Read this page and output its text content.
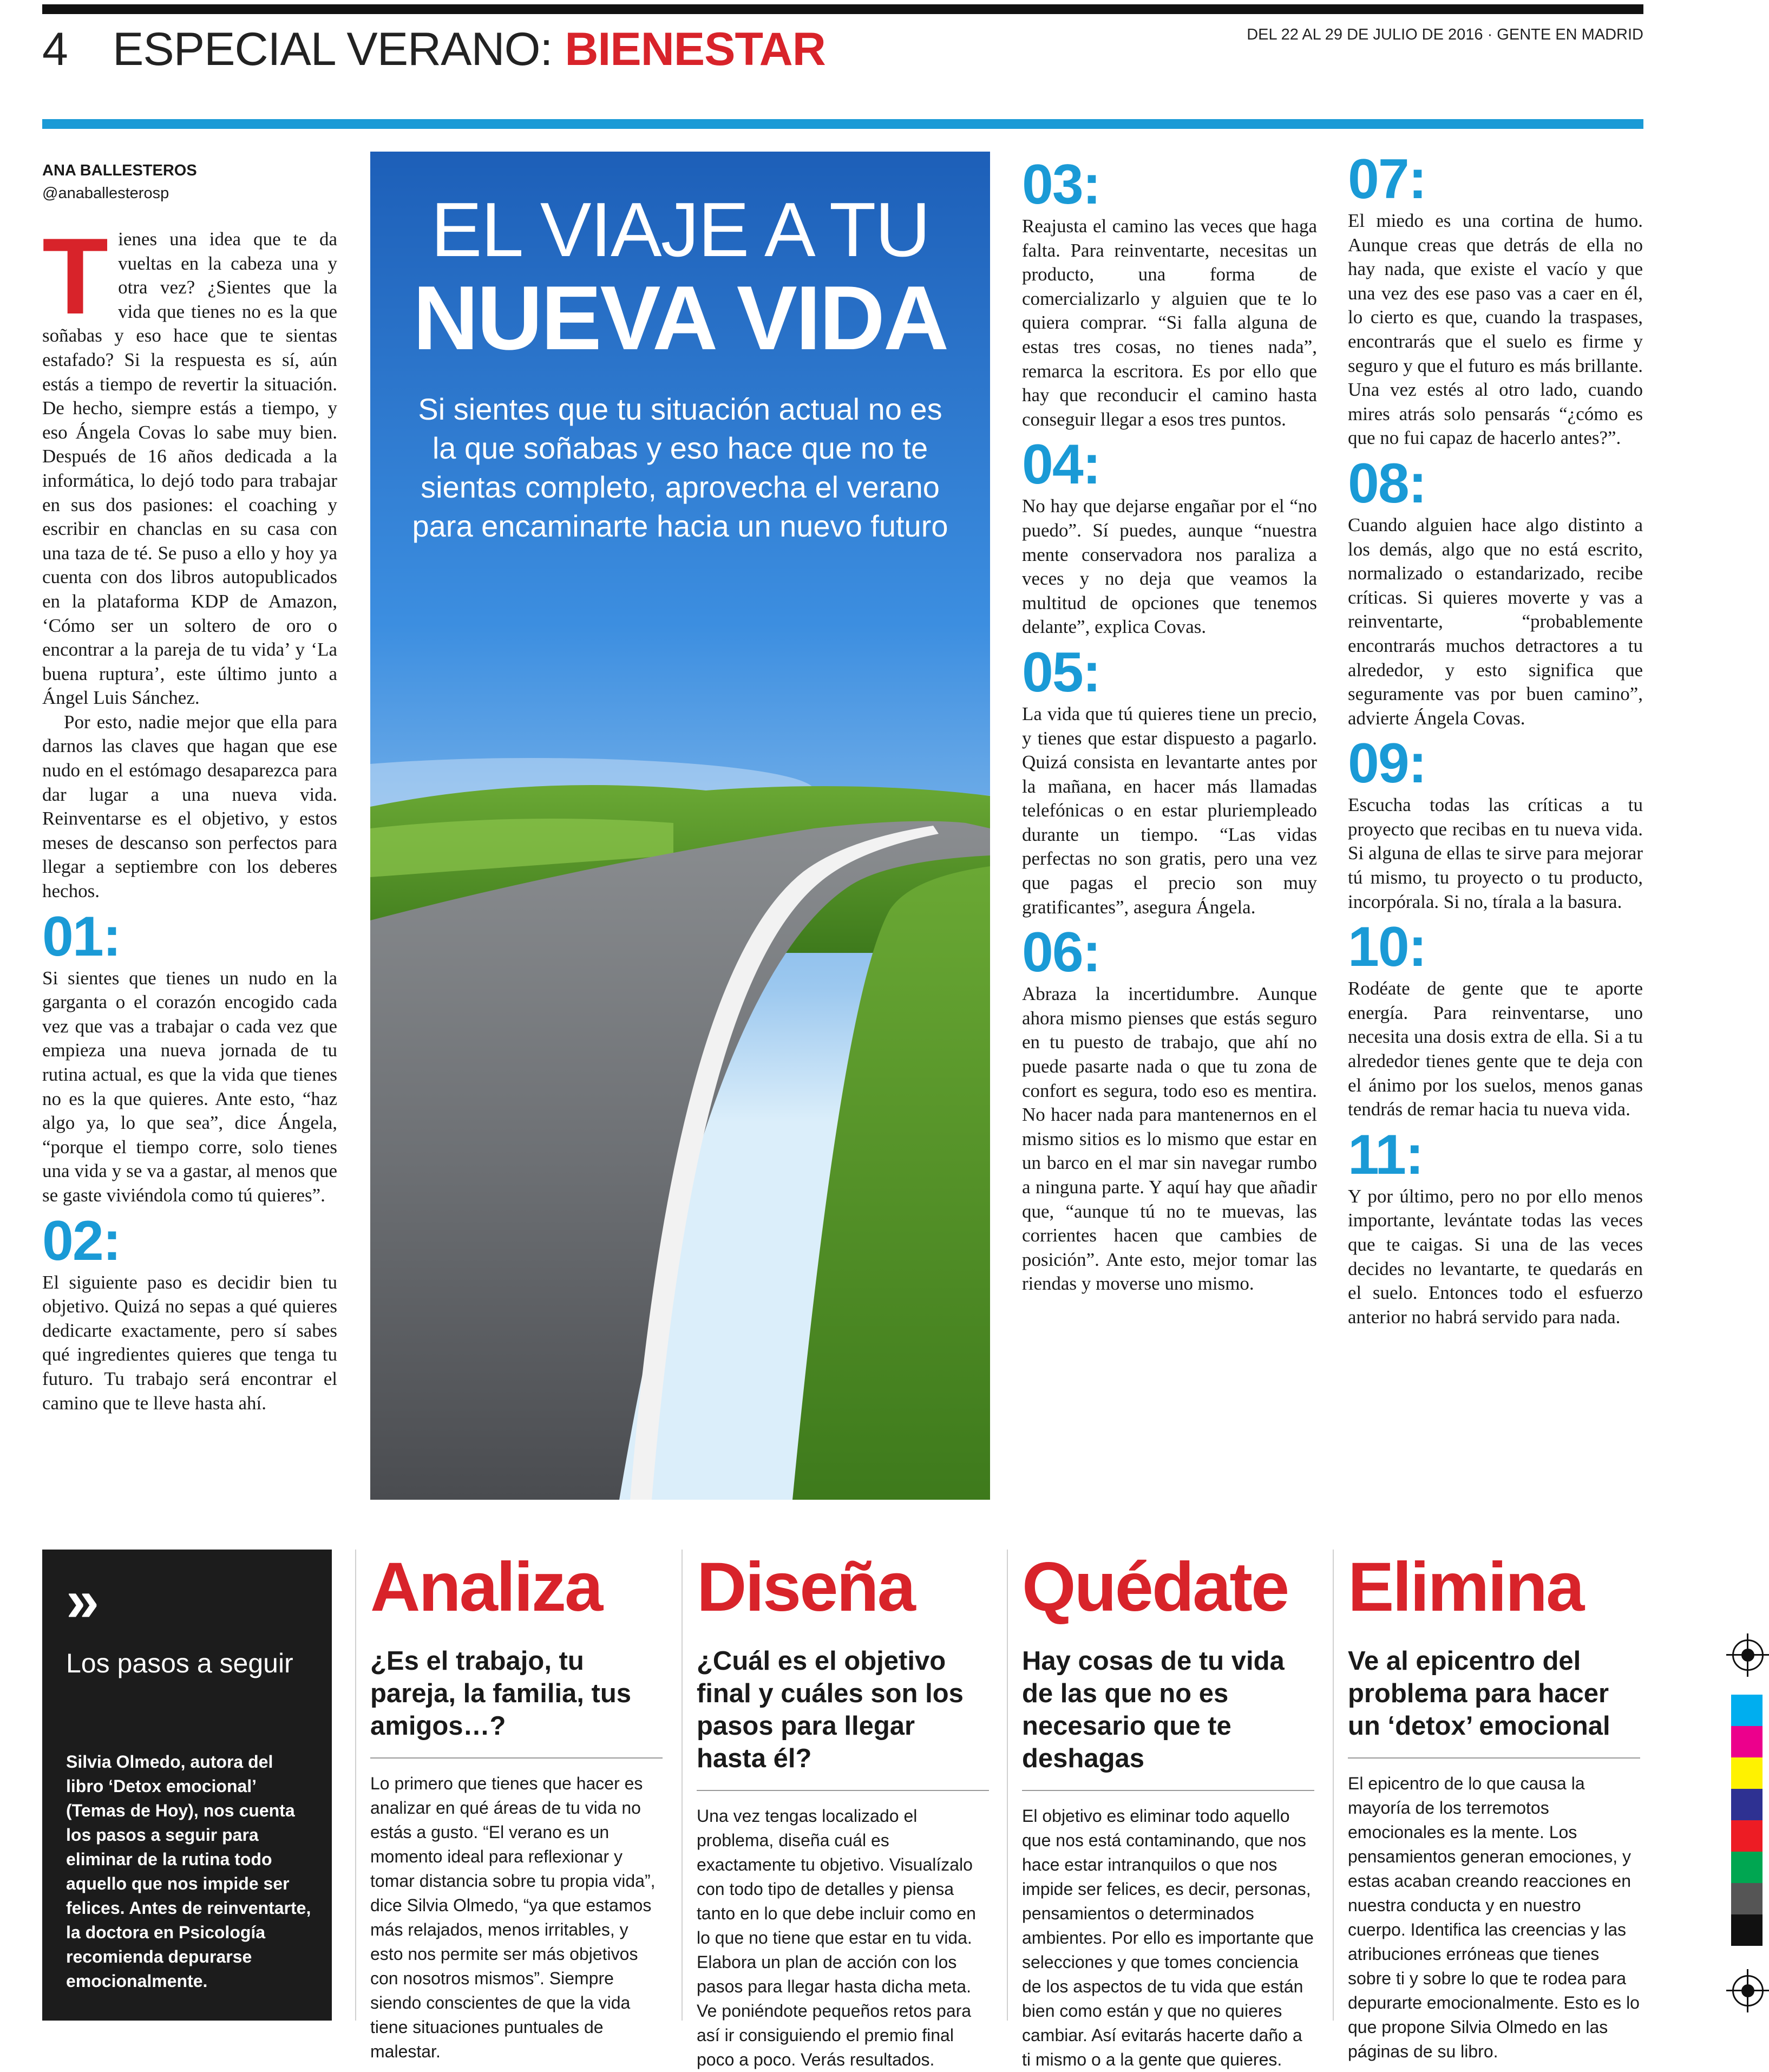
4 ESPECIAL VERANO: BIENESTAR	DEL 22 AL 29 DE JULIO DE 2016 · GENTE EN MADRID
ANA BALLESTEROS
@anaballesterosp

Tienes una idea que te da vueltas en la cabeza una y otra vez? ¿Sientes que la vida que tienes no es la que soñabas y eso hace que te sientas estafado? Si la respuesta es sí, aún estás a tiempo de revertir la situación. De hecho, siempre estás a tiempo, y eso Ángela Covas lo sabe muy bien. Después de 16 años dedicada a la informática, lo dejó todo para trabajar en sus dos pasiones: el coaching y escribir en chanclas en su casa con una taza de té. Se puso a ello y hoy ya cuenta con dos libros autopublicados en la plataforma KDP de Amazon, ‘Cómo ser un soltero de oro o encontrar a la pareja de tu vida’ y ‘La buena ruptura’, este último junto a Ángel Luis Sánchez.

Por esto, nadie mejor que ella para darnos las claves que hagan que ese nudo en el estómago desaparezca para dar lugar a una nueva vida. Reinventarse es el objetivo, y estos meses de descanso son perfectos para llegar a septiembre con los deberes hechos.

01:

Si sientes que tienes un nudo en la garganta o el corazón encogido cada vez que vas a trabajar o cada vez que empieza una nueva jornada de tu rutina actual, es que la vida que tienes no es la que quieres. Ante esto, “haz algo ya, lo que sea”, dice Ángela, “porque el tiempo corre, solo tienes una vida y se va a gastar, al menos que se gaste viviéndola como tú quieres”.

02:

El siguiente paso es decidir bien tu objetivo. Quizá no sepas a qué quieres dedicarte exactamente, pero sí sabes qué ingredientes quieres que tenga tu futuro. Tu trabajo será encontrar el camino que te lleve hasta ahí.

EL VIAJE A TU
NUEVA VIDA
Si sientes que tu situación actual no es la que soñabas y eso hace que no te sientas completo, aprovecha el verano para encaminarte hacia un nuevo futuro
03:

Reajusta el camino las veces que haga falta. Para reinventarte, necesitas un producto, una forma de comercializarlo y alguien que te lo quiera comprar. “Si falla alguna de estas tres cosas, no tienes nada”, remarca la escritora. Es por ello que hay que reconducir el camino hasta conseguir llegar a esos tres puntos.

04:

No hay que dejarse engañar por el “no puedo”. Sí puedes, aunque “nuestra mente conservadora nos paraliza a veces y no deja que veamos la multitud de opciones que tenemos delante”, explica Covas.

05:

La vida que tú quieres tiene un precio, y tienes que estar dispuesto a pagarlo. Quizá consista en levantarte antes por la mañana, en hacer más llamadas telefónicas o en estar pluriempleado durante un tiempo. “Las vidas perfectas no son gratis, pero una vez que pagas el precio son muy gratificantes”, asegura Ángela.

06:

Abraza la incertidumbre. Aunque ahora mismo pienses que estás seguro en tu puesto de trabajo, que ahí no puede pasarte nada o que tu zona de confort es segura, todo eso es mentira. No hacer nada para mantenernos en el mismo sitios es lo mismo que estar en un barco en el mar sin navegar rumbo a ninguna parte. Y aquí hay que añadir que, “aunque tú no te muevas, las corrientes hacen que cambies de posición”. Ante esto, mejor tomar las riendas y moverse uno mismo.

07:

El miedo es una cortina de humo. Aunque creas que detrás de ella no hay nada, que existe el vacío y que una vez des ese paso vas a caer en él, lo cierto es que, cuando la traspases, encontrarás que el suelo es firme y seguro y que el futuro es más brillante. Una vez estés al otro lado, cuando mires atrás solo pensarás “¿cómo es que no fui capaz de hacerlo antes?”.

08:

Cuando alguien hace algo distinto a los demás, algo que no está escrito, normalizado o estandarizado, recibe críticas. Si quieres moverte y vas a reinventarte, “probablemente encontrarás muchos detractores a tu alrededor, y esto significa que seguramente vas por buen camino”, advierte Ángela Covas.

09:

Escucha todas las críticas a tu proyecto que recibas en tu nueva vida. Si alguna de ellas te sirve para mejorar tú mismo, tu proyecto o tu producto, incorpórala. Si no, tírala a la basura.

10:

Rodéate de gente que te aporte energía. Para reinventarse, uno necesita una dosis extra de ella. Si a tu alrededor tienes gente que te deja con el ánimo por los suelos, menos ganas tendrás de remar hacia tu nueva vida.

11:

Y por último, pero no por ello menos importante, levántate todas las veces que te caigas. Si una de las veces decides no levantarte, te quedarás en el suelo. Entonces todo el esfuerzo anterior no habrá servido para nada.

»
Los pasos a seguir
Silvia Olmedo, autora del libro ‘Detox emocional’ (Temas de Hoy), nos cuenta los pasos a seguir para eliminar de la rutina todo aquello que nos impide ser felices. Antes de reinventarte, la doctora en Psicología recomienda depurarse emocionalmente.
Analiza
¿Es el trabajo, tu pareja, la familia, tus amigos…?

Lo primero que tienes que hacer es analizar en qué áreas de tu vida no estás a gusto. “El verano es un momento ideal para reflexionar y tomar distancia sobre tu propia vida”, dice Silvia Olmedo, “ya que estamos más relajados, menos irritables, y esto nos permite ser más objetivos con nosotros mismos”. Siempre siendo conscientes de que la vida tiene situaciones puntuales de malestar.

Diseña
¿Cuál es el objetivo final y cuáles son los pasos para llegar hasta él?

Una vez tengas localizado el problema, diseña cuál es exactamente tu objetivo. Visualízalo con todo tipo de detalles y piensa tanto en lo que debe incluir como en lo que no tiene que estar en tu vida. Elabora un plan de acción con los pasos para llegar hasta dicha meta. Ve poniéndote pequeños retos para así ir consiguiendo el premio final poco a poco. Verás resultados.

Quédate
Hay cosas de tu vida de las que no es necesario que te deshagas

El objetivo es eliminar todo aquello que nos está contaminando, que nos hace estar intranquilos o que nos impide ser felices, es decir, personas, pensamientos o determinados ambientes. Por ello es importante que selecciones y que tomes conciencia de los aspectos de tu vida que están bien como están y que no quieres cambiar. Así evitarás hacerte daño a ti mismo o a la gente que quieres.

Elimina
Ve al epicentro del problema para hacer un ‘detox’ emocional

El epicentro de lo que causa la mayoría de los terremotos emocionales es la mente. Los pensamientos generan emociones, y estas acaban creando reacciones en nuestra conducta y en nuestro cuerpo. Identifica las creencias y las atribuciones erróneas que tienes sobre ti y sobre lo que te rodea para depurarte emocionalmente. Esto es lo que propone Silvia Olmedo en las páginas de su libro.
